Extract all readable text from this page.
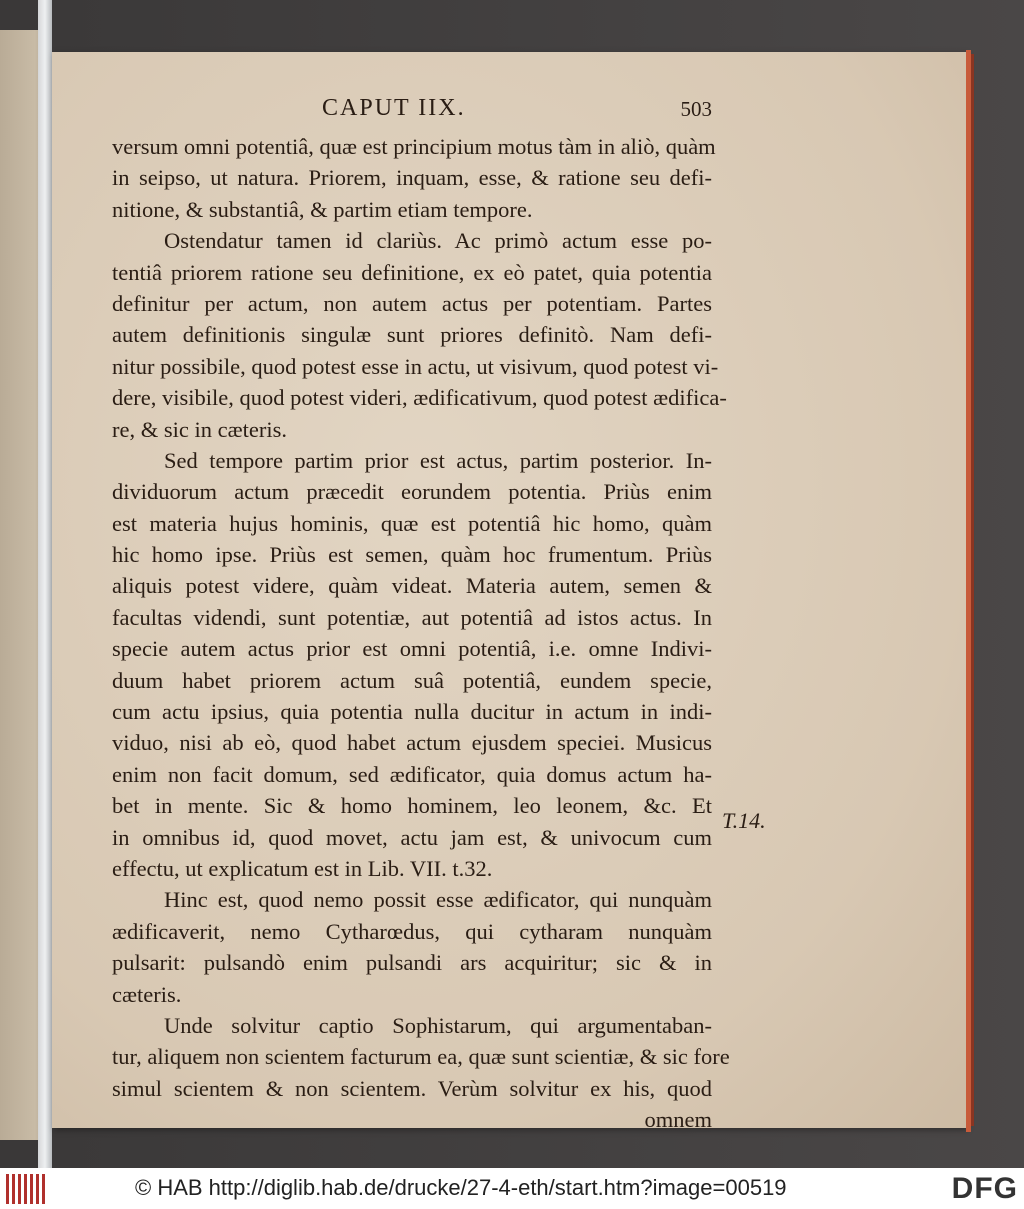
CAPUT IIX.	503
versum omni potentiâ, quæ est principium motus tàm in aliò, quàm
in seipso, ut natura. Priorem, inquam, esse, & ratione seu defi-
nitione, & substantiâ, & partim etiam tempore.
Ostendatur tamen id clariùs. Ac primò actum esse po-
tentiâ priorem ratione seu definitione, ex eò patet, quia potentia
definitur per actum, non autem actus per potentiam. Partes
autem definitionis singulæ sunt priores definitò. Nam defi-
nitur possibile, quod potest esse in actu, ut visivum, quod potest vi-
dere, visibile, quod potest videri, ædificativum, quod potest ædifica-
re, & sic in cæteris.
Sed tempore partim prior est actus, partim posterior. In-
dividuorum actum præcedit eorundem potentia. Priùs enim
est materia hujus hominis, quæ est potentiâ hic homo, quàm
hic homo ipse. Priùs est semen, quàm hoc frumentum. Priùs
aliquis potest videre, quàm videat. Materia autem, semen &
facultas videndi, sunt potentiæ, aut potentiâ ad istos actus. In
specie autem actus prior est omni potentiâ, i.e. omne Indivi-
duum habet priorem actum suâ potentiâ, eundem specie,
cum actu ipsius, quia potentia nulla ducitur in actum in indi-
viduo, nisi ab eò, quod habet actum ejusdem speciei. Musicus
enim non facit domum, sed ædificator, quia domus actum ha-
bet in mente. Sic & homo hominem, leo leonem, &c. Et
in omnibus id, quod movet, actu jam est, & univocum cum
effectu, ut explicatum est in Lib. VII. t.32.
Hinc est, quod nemo possit esse ædificator, qui nunquàm
ædificaverit, nemo Cytharœdus, qui cytharam nunquàm
pulsarit: pulsandò enim pulsandi ars acquiritur; sic & in
cæteris.
Unde solvitur captio Sophistarum, qui argumentaban-
tur, aliquem non scientem facturum ea, quæ sunt scientiæ, & sic fore
simul scientem & non scientem. Verùm solvitur ex his, quod
omnem
T.14.
© HAB http://diglib.hab.de/drucke/27-4-eth/start.htm?image=00519	DFG
